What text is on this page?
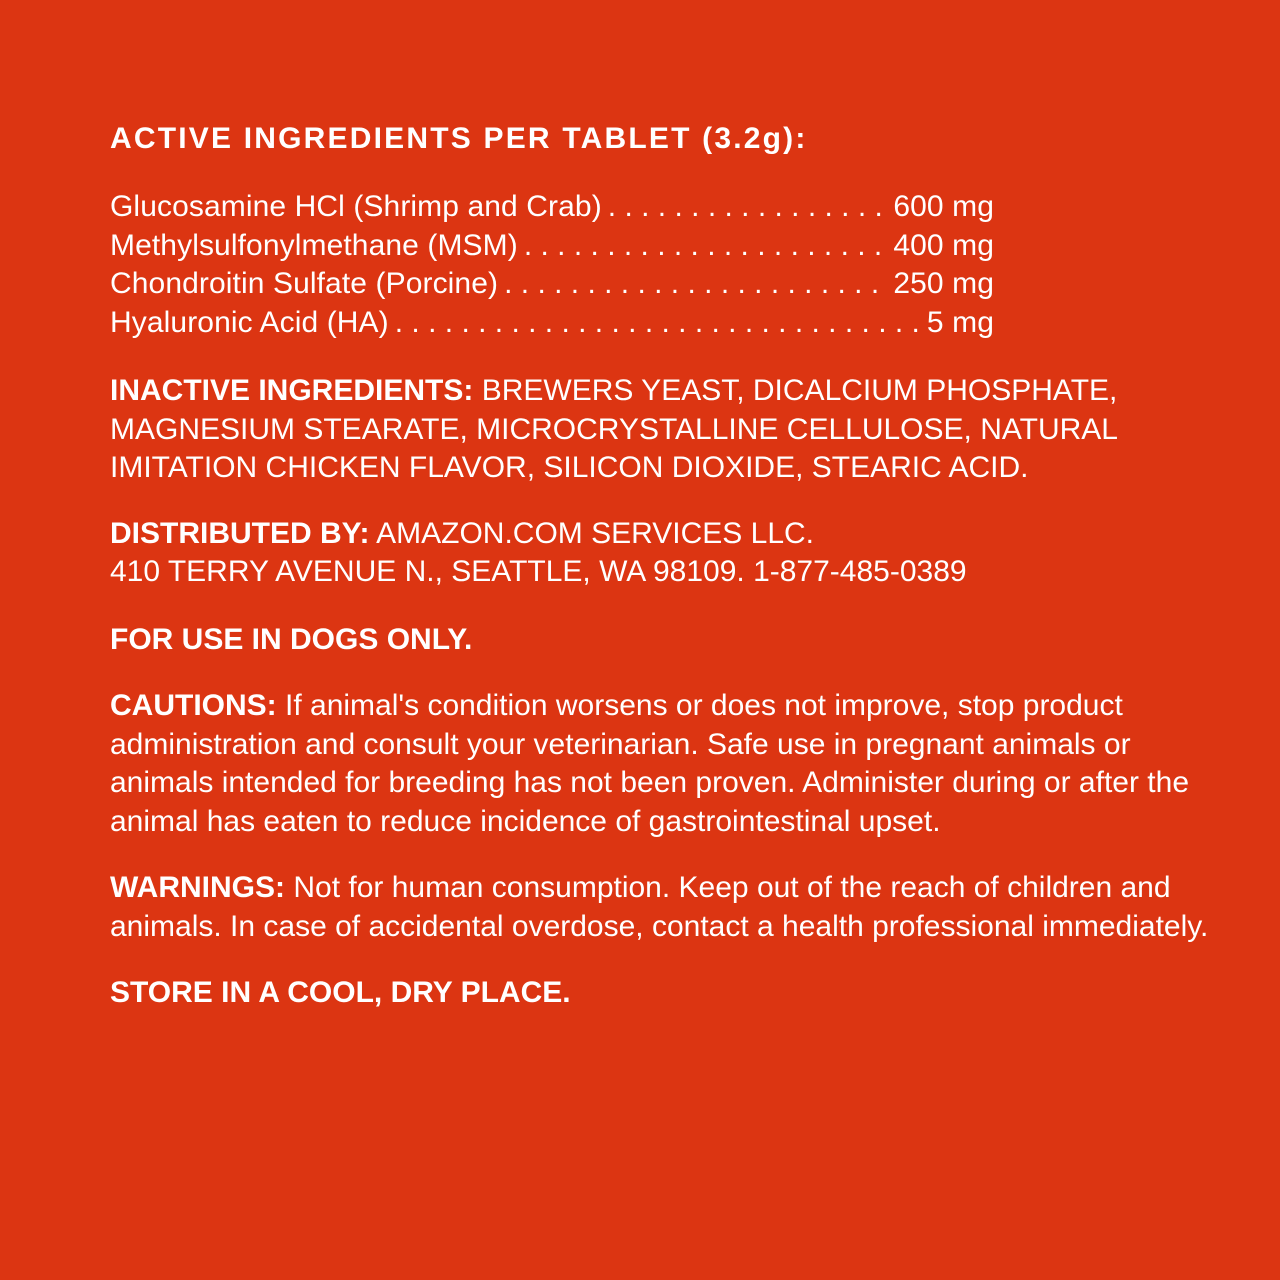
ACTIVE INGREDIENTS PER TABLET (3.2g):
Glucosamine HCl (Shrimp and Crab) . . .	600 mg
Methylsulfonylmethane (MSM) . . .	400 mg
Chondroitin Sulfate (Porcine) . . .	250 mg
Hyaluronic Acid (HA) . . .	5 mg

INACTIVE INGREDIENTS: BREWERS YEAST, DICALCIUM PHOSPHATE, MAGNESIUM STEARATE, MICROCRYSTALLINE CELLULOSE, NATURAL IMITATION CHICKEN FLAVOR, SILICON DIOXIDE, STEARIC ACID.

DISTRIBUTED BY: AMAZON.COM SERVICES LLC.
410 TERRY AVENUE N., SEATTLE, WA 98109. 1-877-485-0389

FOR USE IN DOGS ONLY.

CAUTIONS: If animal's condition worsens or does not improve, stop product administration and consult your veterinarian. Safe use in pregnant animals or animals intended for breeding has not been proven. Administer during or after the animal has eaten to reduce incidence of gastrointestinal upset.

WARNINGS: Not for human consumption. Keep out of the reach of children and animals. In case of accidental overdose, contact a health professional immediately.

STORE IN A COOL, DRY PLACE.
